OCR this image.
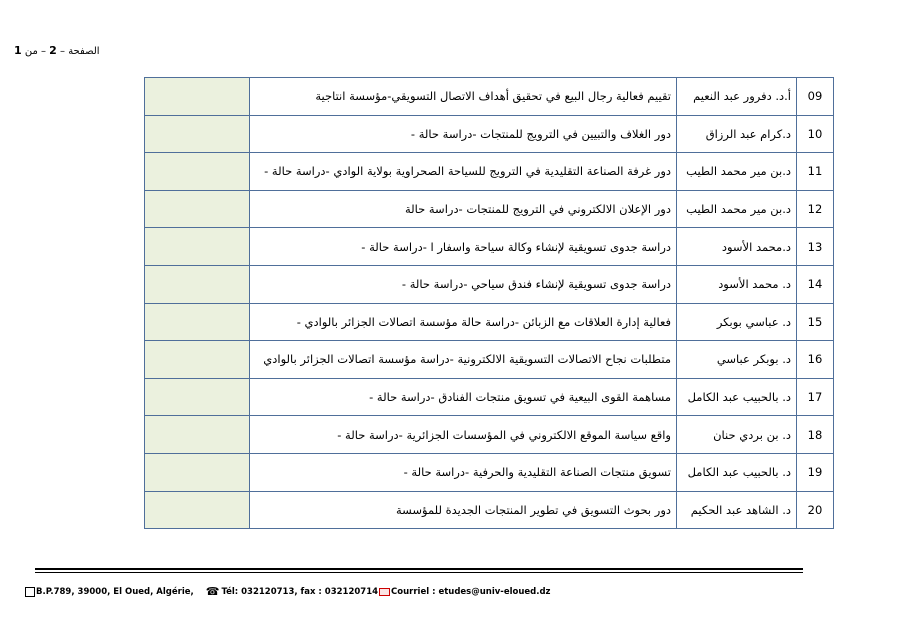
الصفحة – 2 – من 1
09	أ.د. دفرور عبد النعيم	تقييم فعالية رجال البيع في تحقيق أهداف الاتصال التسويقي-مؤسسة انتاجية	
10	د.كرام عبد الرزاق	دور الغلاف والتبيين في الترويج للمنتجات -دراسة حالة -	
11	د.بن مير محمد الطيب	دور غرفة الصناعة التقليدية في الترويج للسياحة الصحراوية بولاية الوادي -دراسة حالة -	
12	د.بن مير محمد الطيب	دور الإعلان الالكتروني في الترويج للمنتجات -دراسة حالة	
13	د.محمد الأسود	دراسة جدوى تسويقية لإنشاء وكالة سياحة واسفار ا -دراسة حالة -	
14	د. محمد الأسود	دراسة جدوى تسويقية لإنشاء فندق سياحي -دراسة حالة -	
15	د. عباسي بوبكر	فعالية إدارة العلاقات مع الزبائن -دراسة حالة مؤسسة اتصالات الجزائر بالوادي -	
16	د. بوبكر عباسي	متطلبات نجاح الاتصالات التسويقية الالكترونية -دراسة مؤسسة اتصالات الجزائر بالوادي	
17	د. بالحبيب عبد الكامل	مساهمة القوى البيعية في تسويق منتجات الفنادق -دراسة حالة -	
18	د. بن بردي حنان	واقع سياسة الموقع الالكتروني في المؤسسات الجزائرية -دراسة حالة -	
19	د. بالحبيب عبد الكامل	تسويق منتجات الصناعة التقليدية والحرفية -دراسة حالة -	
20	د. الشاهد عبد الحكيم	دور بحوث التسويق في تطوير المنتجات الجديدة للمؤسسة	
B.P.789, 39000, El Oued, Algérie, ☎ Tél: 032120713, fax : 032120714 Courriel : etudes@univ-eloued.dz
